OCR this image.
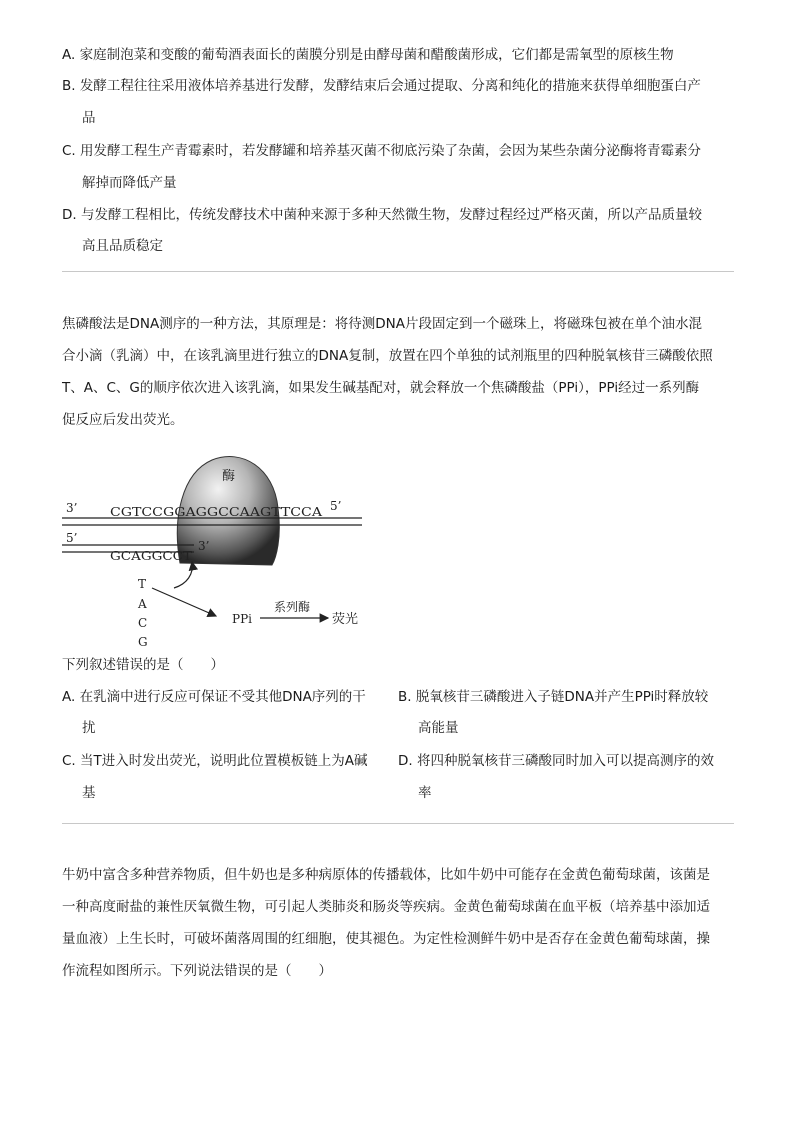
A. 家庭制泡菜和变酸的葡萄酒表面长的菌膜分别是由酵母菌和醋酸菌形成，它们都是需氧型的原核生物
B. 发酵工程往往采用液体培养基进行发酵，发酵结束后会通过提取、分离和纯化的措施来获得单细胞蛋白产
品
C. 用发酵工程生产青霉素时，若发酵罐和培养基灭菌不彻底污染了杂菌，会因为某些杂菌分泌酶将青霉素分
解掉而降低产量
D. 与发酵工程相比，传统发酵技术中菌种来源于多种天然微生物，发酵过程经过严格灭菌，所以产品质量较
高且品质稳定
焦磷酸法是DNA测序的一种方法，其原理是：将待测DNA片段固定到一个磁珠上，将磁珠包被在单个油水混
合小滴（乳滴）中，在该乳滴里进行独立的DNA复制，放置在四个单独的试剂瓶里的四种脱氧核苷三磷酸依照
T、A、C、G的顺序依次进入该乳滴，如果发生碱基配对，就会释放一个焦磷酸盐（PPi），PPi经过一系列酶
促反应后发出荧光。
酶
3’	CGTCCGGAGGCCAAGTTCCA 5’
5’
GCAGGCCT
3’
T
A
C
G
PPi
系列酶
荧光
下列叙述错误的是（　　）
A. 在乳滴中进行反应可保证不受其他DNA序列的干
扰
B. 脱氧核苷三磷酸进入子链DNA并产生PPi时释放较
高能量
C. 当T进入时发出荧光，说明此位置模板链上为A碱
基
D. 将四种脱氧核苷三磷酸同时加入可以提高测序的效
率
牛奶中富含多种营养物质，但牛奶也是多种病原体的传播载体，比如牛奶中可能存在金黄色葡萄球菌，该菌是
一种高度耐盐的兼性厌氧微生物，可引起人类肺炎和肠炎等疾病。金黄色葡萄球菌在血平板（培养基中添加适
量血液）上生长时，可破坏菌落周围的红细胞，使其褪色。为定性检测鲜牛奶中是否存在金黄色葡萄球菌，操
作流程如图所示。下列说法错误的是（　　）
